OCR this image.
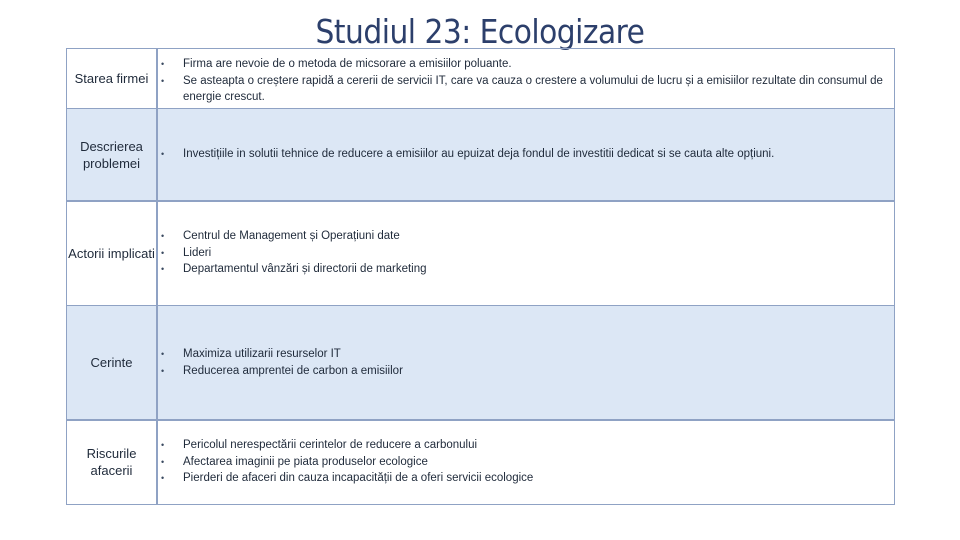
Studiul 23: Ecologizare
Starea firmei
• Firma are nevoie de o metoda de micsorare a emisiilor poluante.
• Se asteapta o creștere rapidă a cererii de servicii IT, care va cauza o crestere a volumului de lucru și a emisiilor rezultate din consumul de energie crescut.
Descrierea problemei
• Investițiile in solutii tehnice de reducere a emisiilor au epuizat deja fondul de investitii dedicat si se cauta alte opțiuni.
Actorii implicati
• Centrul de Management și Operațiuni date
• Lideri
• Departamentul vânzări și directorii de marketing
Cerinte
• Maximiza utilizarii resurselor IT
• Reducerea amprentei de carbon a emisiilor
Riscurile afacerii
• Pericolul nerespectării cerintelor de reducere a carbonului
• Afectarea imaginii pe piata produselor ecologice
• Pierderi de afaceri din cauza incapacității de a oferi servicii ecologice
